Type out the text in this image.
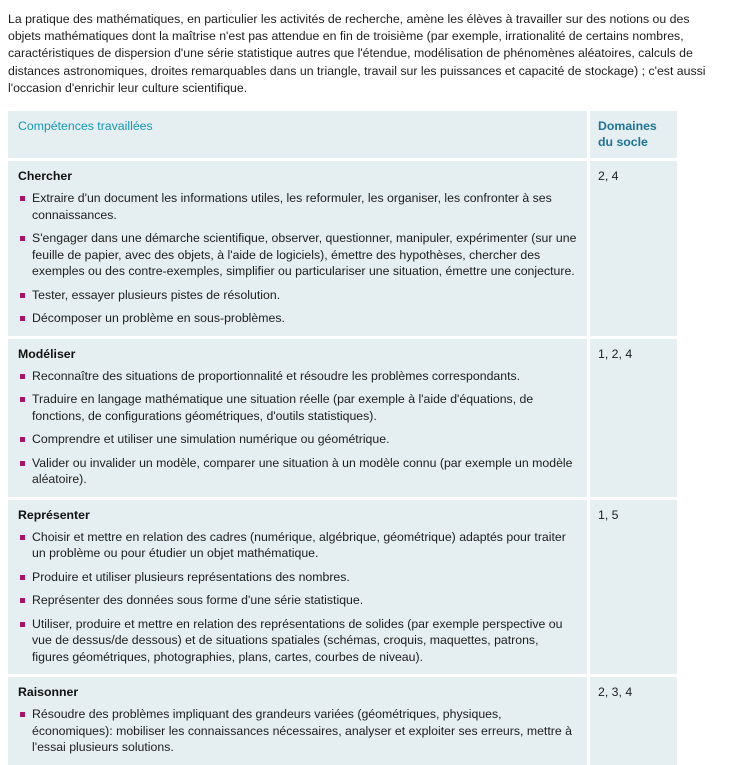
La pratique des mathématiques, en particulier les activités de recherche, amène les élèves à travailler sur des notions ou des objets mathématiques dont la maîtrise n'est pas attendue en fin de troisième (par exemple, irrationalité de certains nombres, caractéristiques de dispersion d'une série statistique autres que l'étendue, modélisation de phénomènes aléatoires, calculs de distances astronomiques, droites remarquables dans un triangle, travail sur les puissances et capacité de stockage) ; c'est aussi l'occasion d'enrichir leur culture scientifique.

Compétences travaillées	Domaines du socle

Chercher
Extraire d'un document les informations utiles, les reformuler, les organiser, les confronter à ses connaissances.
S'engager dans une démarche scientifique, observer, questionner, manipuler, expérimenter (sur une feuille de papier, avec des objets, à l'aide de logiciels), émettre des hypothèses, chercher des exemples ou des contre-exemples, simplifier ou particulariser une situation, émettre une conjecture.
Tester, essayer plusieurs pistes de résolution.
Décomposer un problème en sous-problèmes.
	2, 4

Modéliser
Reconnaître des situations de proportionnalité et résoudre les problèmes correspondants.
Traduire en langage mathématique une situation réelle (par exemple à l'aide d'équations, de fonctions, de configurations géométriques, d'outils statistiques).
Comprendre et utiliser une simulation numérique ou géométrique.
Valider ou invalider un modèle, comparer une situation à un modèle connu (par exemple un modèle aléatoire).
	1, 2, 4

Représenter
Choisir et mettre en relation des cadres (numérique, algébrique, géométrique) adaptés pour traiter un problème ou pour étudier un objet mathématique.
Produire et utiliser plusieurs représentations des nombres.
Représenter des données sous forme d'une série statistique.
Utiliser, produire et mettre en relation des représentations de solides (par exemple perspective ou vue de dessus/de dessous) et de situations spatiales (schémas, croquis, maquettes, patrons, figures géométriques, photographies, plans, cartes, courbes de niveau).
	1, 5

Raisonner
Résoudre des problèmes impliquant des grandeurs variées (géométriques, physiques, économiques): mobiliser les connaissances nécessaires, analyser et exploiter ses erreurs, mettre à l'essai plusieurs solutions.
	2, 3, 4
